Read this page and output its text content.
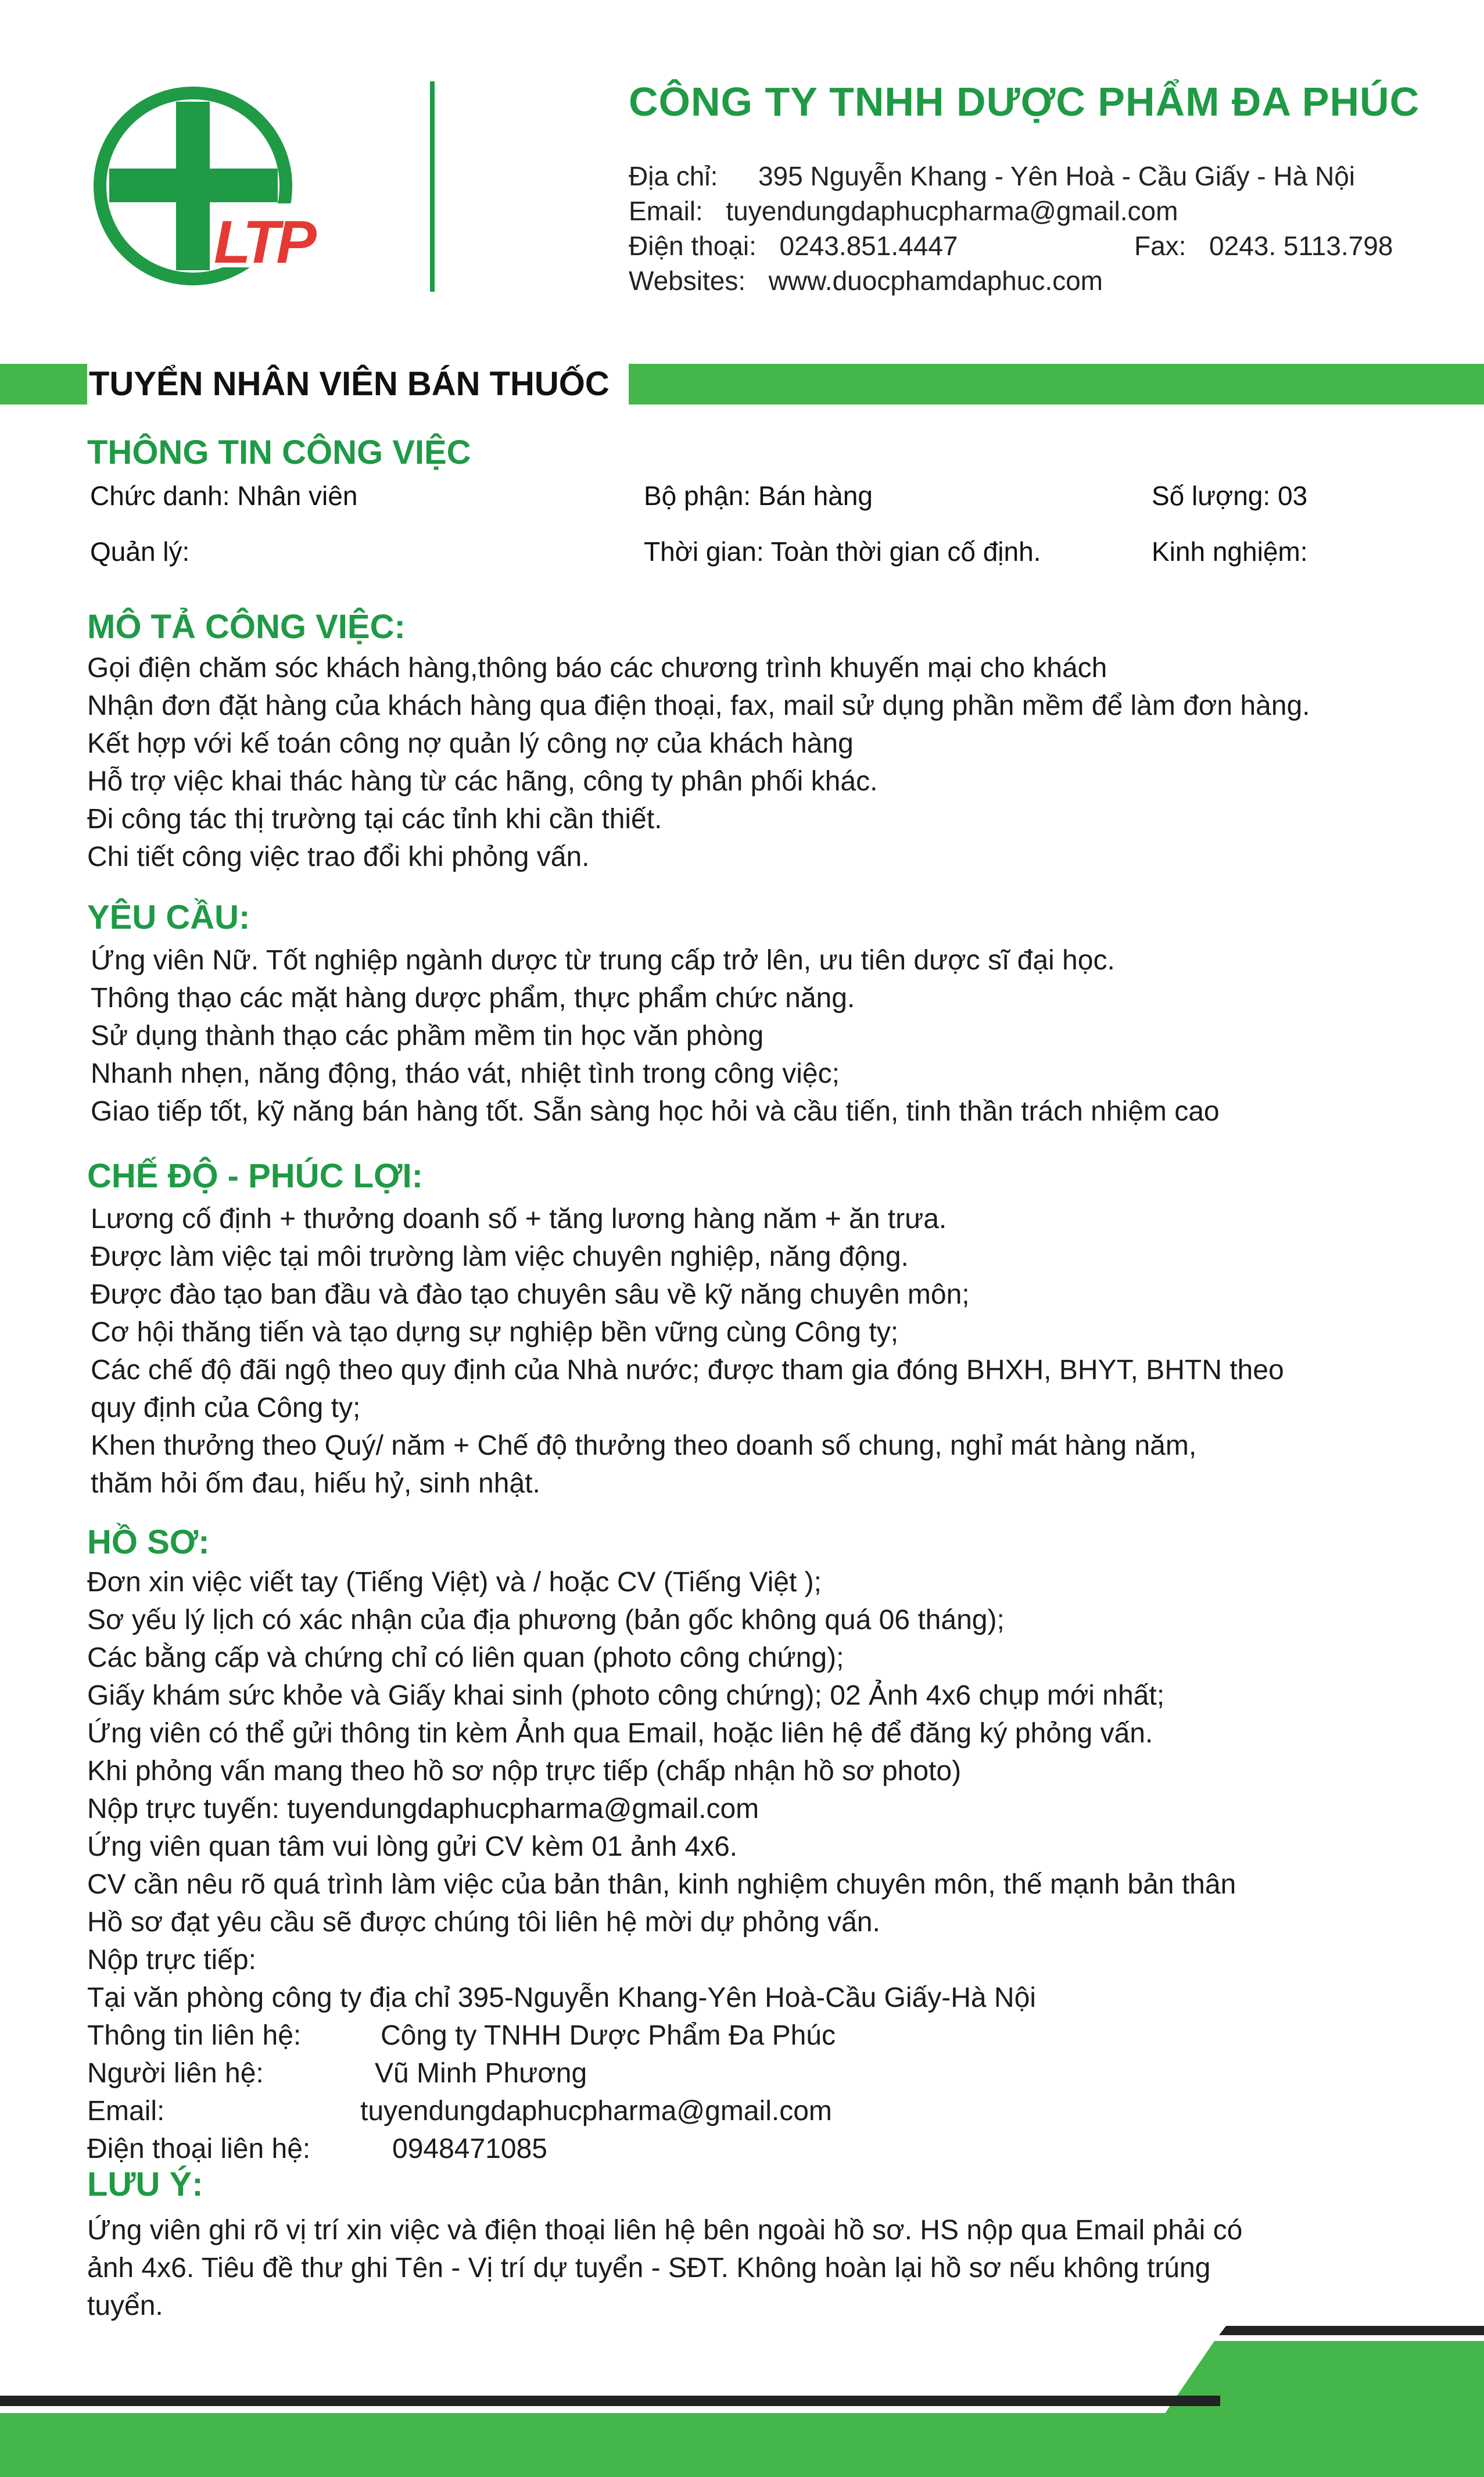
LTP
CÔNG TY TNHH DƯỢC PHẨM ĐA PHÚC
Địa chỉ: 395 Nguyễn Khang - Yên Hoà - Cầu Giấy - Hà Nội
Email: tuyendungdaphucpharma@gmail.com
Điện thoại: 0243.851.4447	Fax: 0243. 5113.798
Websites: www.duocphamdaphuc.com
TUYỂN NHÂN VIÊN BÁN THUỐC
THÔNG TIN CÔNG VIỆC
Chức danh: Nhân viên	Bộ phận: Bán hàng	Số lượng: 03
Quản lý:	Thời gian: Toàn thời gian cố định.	Kinh nghiệm:
MÔ TẢ CÔNG VIỆC:
Gọi điện chăm sóc khách hàng,thông báo các chương trình khuyến mại cho khách
Nhận đơn đặt hàng của khách hàng qua điện thoại, fax, mail sử dụng phần mềm để làm đơn hàng.
Kết hợp với kế toán công nợ quản lý công nợ của khách hàng
Hỗ trợ việc khai thác hàng từ các hãng, công ty phân phối khác.
Đi công tác thị trường tại các tỉnh khi cần thiết.
Chi tiết công việc trao đổi khi phỏng vấn.
YÊU CẦU:
Ứng viên Nữ. Tốt nghiệp ngành dược từ trung cấp trở lên, ưu tiên dược sĩ đại học.
Thông thạo các mặt hàng dược phẩm, thực phẩm chức năng.
Sử dụng thành thạo các phầm mềm tin học văn phòng
Nhanh nhẹn, năng động, tháo vát, nhiệt tình trong công việc;
Giao tiếp tốt, kỹ năng bán hàng tốt. Sẵn sàng học hỏi và cầu tiến, tinh thần trách nhiệm cao
CHẾ ĐỘ - PHÚC LỢI:
Lương cố định + thưởng doanh số + tăng lương hàng năm + ăn trưa.
Được làm việc tại môi trường làm việc chuyên nghiệp, năng động.
Được đào tạo ban đầu và đào tạo chuyên sâu về kỹ năng chuyên môn;
Cơ hội thăng tiến và tạo dựng sự nghiệp bền vững cùng Công ty;
Các chế độ đãi ngộ theo quy định của Nhà nước; được tham gia đóng BHXH, BHYT, BHTN theo
quy định của Công ty;
Khen thưởng theo Quý/ năm + Chế độ thưởng theo doanh số chung, nghỉ mát hàng năm,
thăm hỏi ốm đau, hiếu hỷ, sinh nhật.
HỒ SƠ:
Đơn xin việc viết tay (Tiếng Việt) và / hoặc CV (Tiếng Việt );
Sơ yếu lý lịch có xác nhận của địa phương (bản gốc không quá 06 tháng);
Các bằng cấp và chứng chỉ có liên quan (photo công chứng);
Giấy khám sức khỏe và Giấy khai sinh (photo công chứng); 02 Ảnh 4x6 chụp mới nhất;
Ứng viên có thể gửi thông tin kèm Ảnh qua Email, hoặc liên hệ để đăng ký phỏng vấn.
Khi phỏng vấn mang theo hồ sơ nộp trực tiếp (chấp nhận hồ sơ photo)
Nộp trực tuyến: tuyendungdaphucpharma@gmail.com
Ứng viên quan tâm vui lòng gửi CV kèm 01 ảnh 4x6.
CV cần nêu rõ quá trình làm việc của bản thân, kinh nghiệm chuyên môn, thế mạnh bản thân
Hồ sơ đạt yêu cầu sẽ được chúng tôi liên hệ mời dự phỏng vấn.
Nộp trực tiếp:
Tại văn phòng công ty địa chỉ 395-Nguyễn Khang-Yên Hoà-Cầu Giấy-Hà Nội
Thông tin liên hệ:	Công ty TNHH Dược Phẩm Đa Phúc
Người liên hệ:	Vũ Minh Phương
Email:	tuyendungdaphucpharma@gmail.com
Điện thoại liên hệ:	0948471085
LƯU Ý:
Ứng viên ghi rõ vị trí xin việc và điện thoại liên hệ bên ngoài hồ sơ. HS nộp qua Email phải có
ảnh 4x6. Tiêu đề thư ghi Tên - Vị trí dự tuyển - SĐT. Không hoàn lại hồ sơ nếu không trúng
tuyển.
